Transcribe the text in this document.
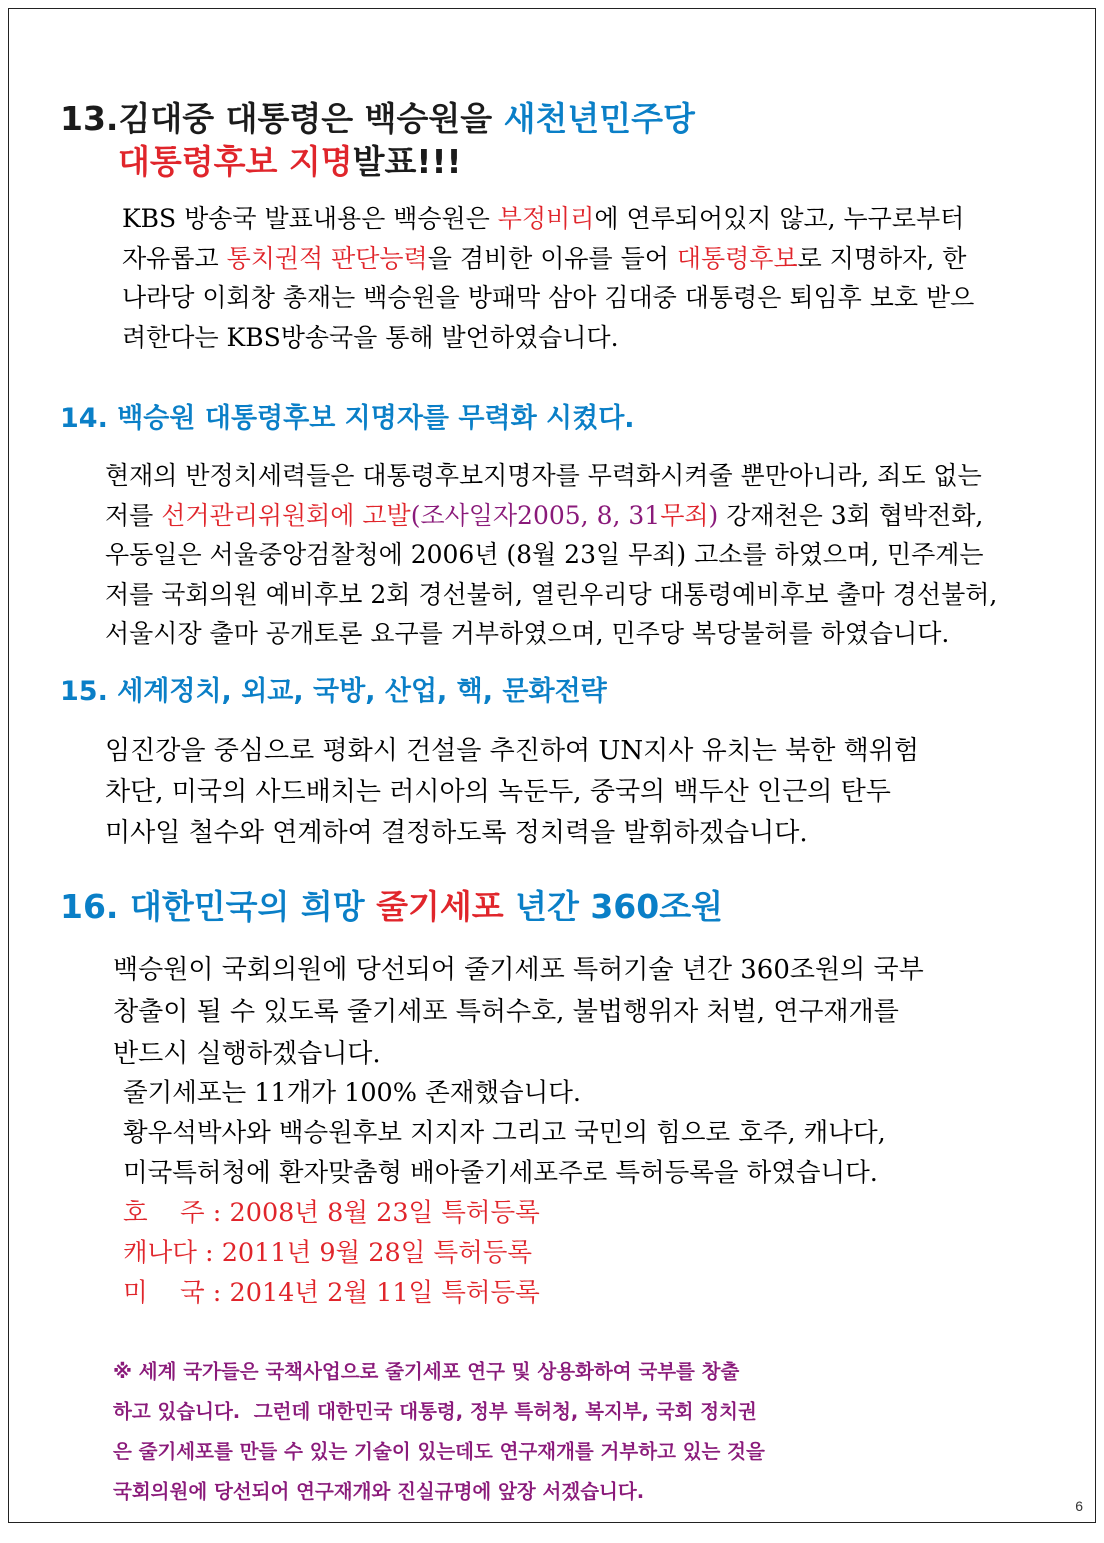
13.김대중 대통령은 백승원을 새천년민주당
대통령후보 지명발표!!!
KBS 방송국 발표내용은 백승원은 부정비리에 연루되어있지 않고, 누구로부터
자유롭고 통치권적 판단능력을 겸비한 이유를 들어 대통령후보로 지명하자, 한
나라당 이회창 총재는 백승원을 방패막 삼아 김대중 대통령은 퇴임후 보호 받으
려한다는 KBS방송국을 통해 발언하였습니다.
14. 백승원 대통령후보 지명자를 무력화 시켰다.
현재의 반정치세력들은 대통령후보지명자를 무력화시켜줄 뿐만아니라, 죄도 없는
저를 선거관리위원회에 고발(조사일자2005, 8, 31무죄) 강재천은 3회 협박전화,
우동일은 서울중앙검찰청에 2006년 (8월 23일 무죄) 고소를 하였으며, 민주계는
저를 국회의원 예비후보 2회 경선불허, 열린우리당 대통령예비후보 출마 경선불허,
서울시장 출마 공개토론 요구를 거부하였으며, 민주당 복당불허를 하였습니다.
15. 세계정치, 외교, 국방, 산업, 핵, 문화전략
임진강을 중심으로 평화시 건설을 추진하여 UN지사 유치는 북한 핵위험
차단, 미국의 사드배치는 러시아의 녹둔두, 중국의 백두산 인근의 탄두
미사일 철수와 연계하여 결정하도록 정치력을 발휘하겠습니다.
16. 대한민국의 희망 줄기세포 년간 360조원
백승원이 국회의원에 당선되어 줄기세포 특허기술 년간 360조원의 국부
창출이 될 수 있도록 줄기세포 특허수호, 불법행위자 처벌, 연구재개를
반드시 실행하겠습니다.
줄기세포는 11개가 100% 존재했습니다.
황우석박사와 백승원후보 지지자 그리고 국민의 힘으로 호주, 캐나다,
미국특허청에 환자맞춤형 배아줄기세포주로 특허등록을 하였습니다.
호    주 : 2008년 8월 23일 특허등록
캐나다 : 2011년 9월 28일 특허등록
미    국 : 2014년 2월 11일 특허등록
※ 세계 국가들은 국책사업으로 줄기세포 연구 및 상용화하여 국부를 창출
하고 있습니다.  그런데 대한민국 대통령, 정부 특허청, 복지부, 국회 정치권
은 줄기세포를 만들 수 있는 기술이 있는데도 연구재개를 거부하고 있는 것을
국회의원에 당선되어 연구재개와 진실규명에 앞장 서겠습니다.
6
